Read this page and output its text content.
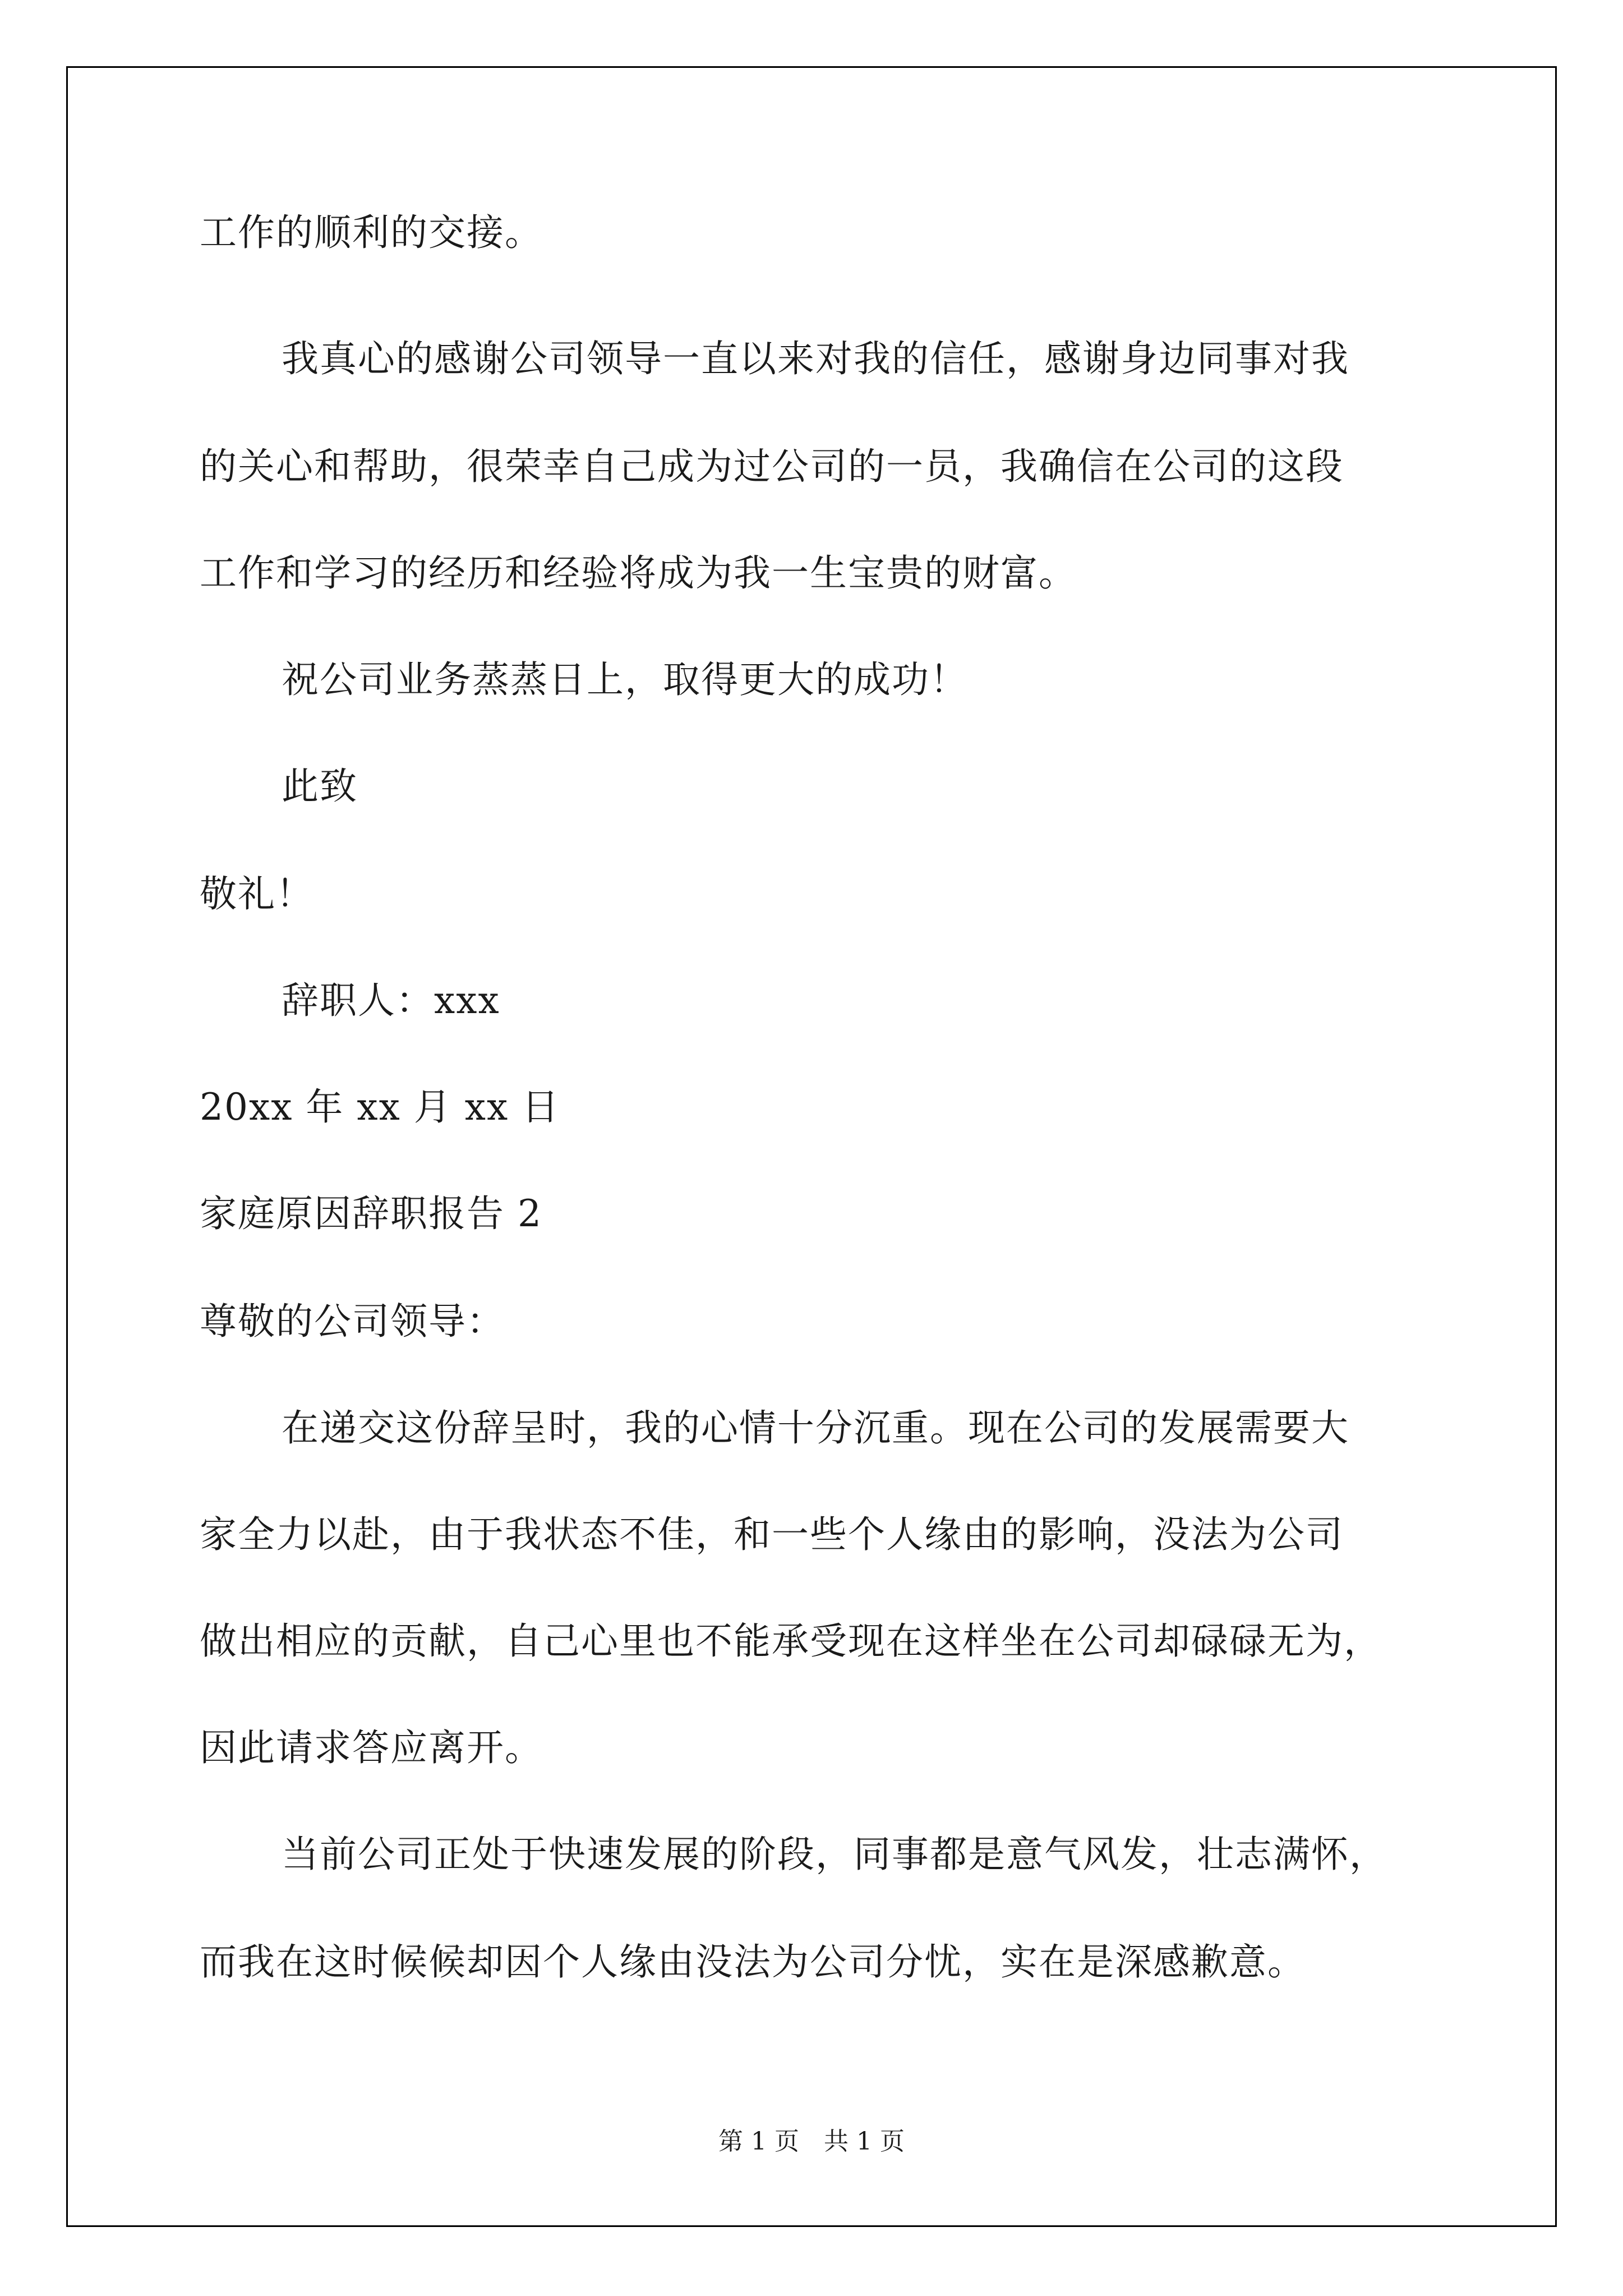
工作的顺利的交接。
我真心的感谢公司领导一直以来对我的信任，感谢身边同事对我
的关心和帮助，很荣幸自己成为过公司的一员，我确信在公司的这段
工作和学习的经历和经验将成为我一生宝贵的财富。
祝公司业务蒸蒸日上，取得更大的成功！
此致
敬礼！
辞职人：xxx
20xx 年 xx 月 xx 日
家庭原因辞职报告 2
尊敬的公司领导：
在递交这份辞呈时，我的心情十分沉重。现在公司的发展需要大
家全力以赴，由于我状态不佳，和一些个人缘由的影响，没法为公司
做出相应的贡献，自己心里也不能承受现在这样坐在公司却碌碌无为，
因此请求答应离开。
当前公司正处于快速发展的阶段，同事都是意气风发，壮志满怀，
而我在这时候候却因个人缘由没法为公司分忧，实在是深感歉意。
第 1 页　共 1 页
